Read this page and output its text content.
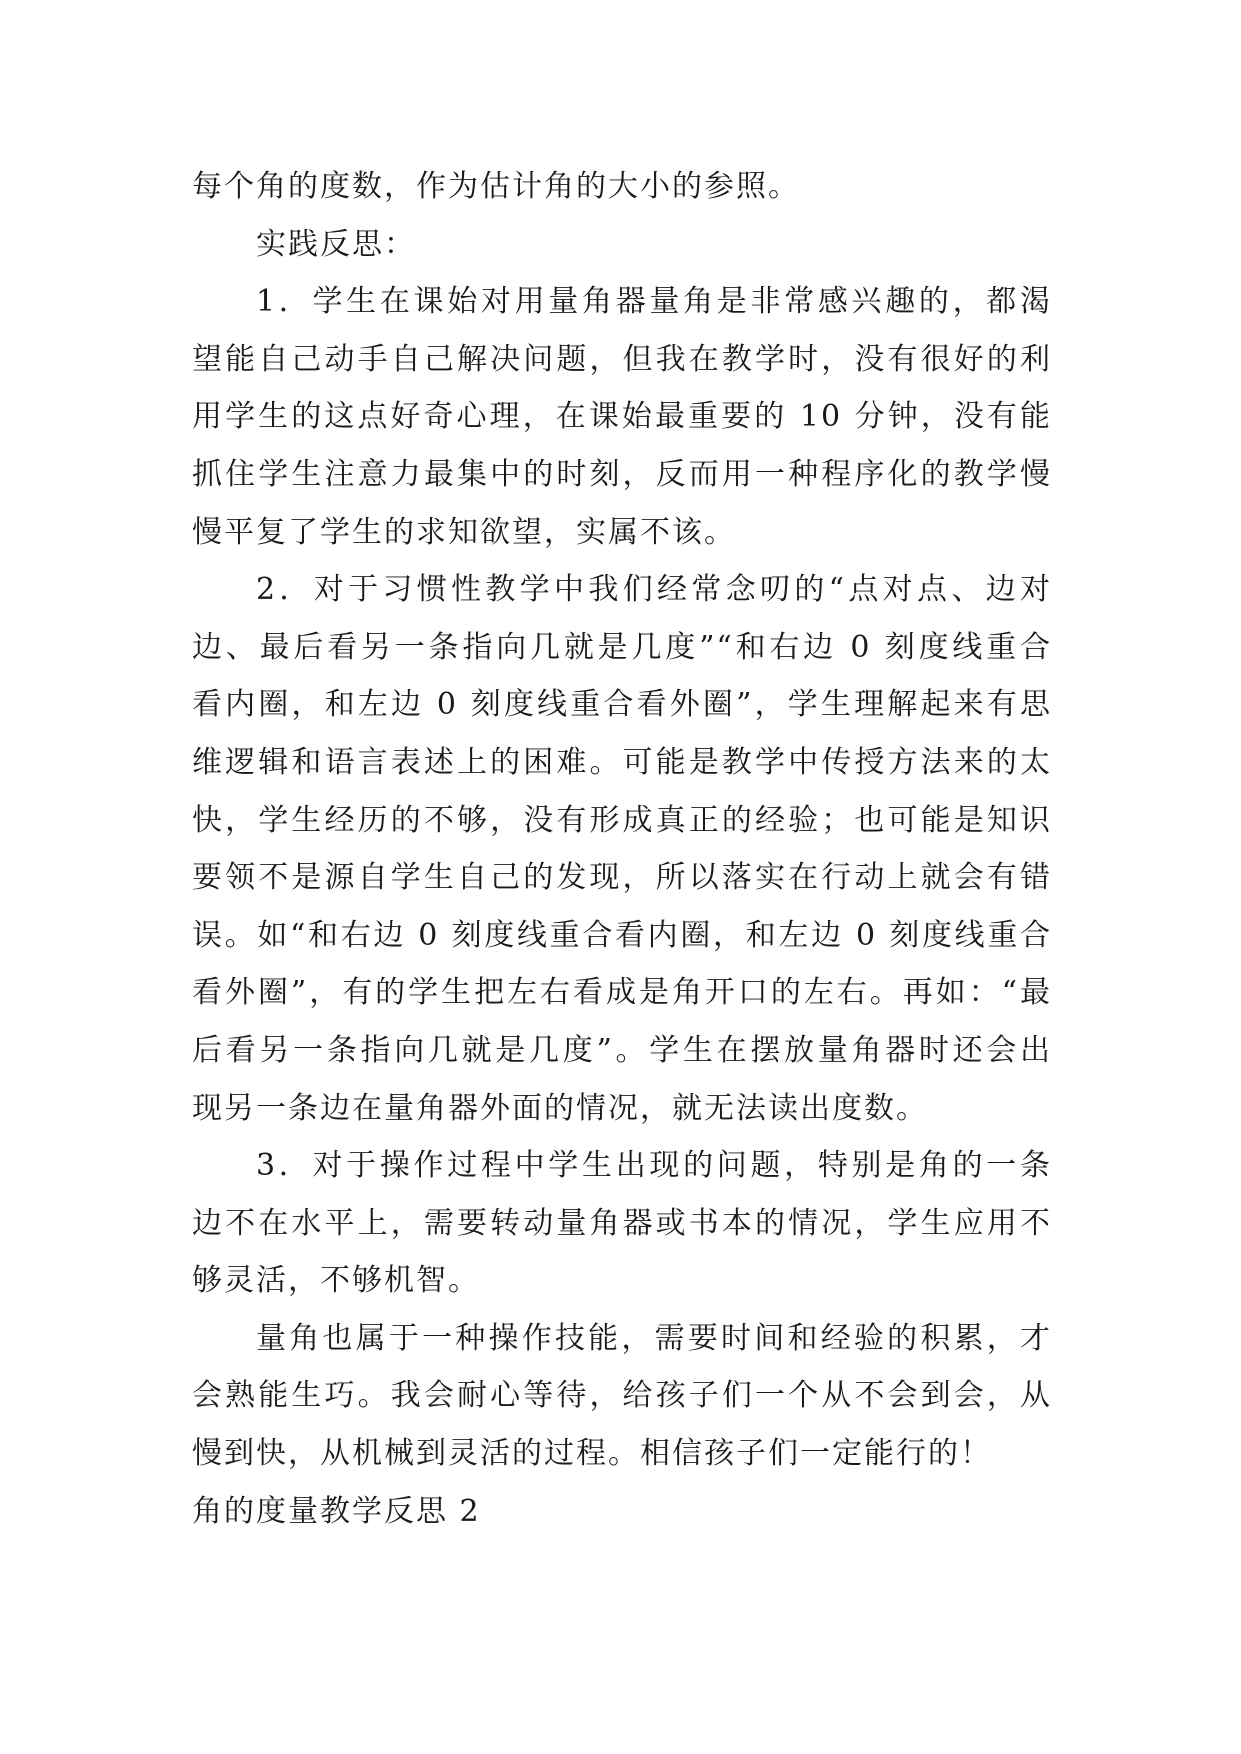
每个角的度数，作为估计角的大小的参照。
实践反思：
1．学生在课始对用量角器量角是非常感兴趣的，都渴
望能自己动手自己解决问题，但我在教学时，没有很好的利
用学生的这点好奇心理，在课始最重要的 10 分钟，没有能
抓住学生注意力最集中的时刻，反而用一种程序化的教学慢
慢平复了学生的求知欲望，实属不该。
2．对于习惯性教学中我们经常念叨的“点对点、边对
边、最后看另一条指向几就是几度”“和右边 0 刻度线重合
看内圈，和左边 0 刻度线重合看外圈”，学生理解起来有思
维逻辑和语言表述上的困难。可能是教学中传授方法来的太
快，学生经历的不够，没有形成真正的经验；也可能是知识
要领不是源自学生自己的发现，所以落实在行动上就会有错
误。如“和右边 0 刻度线重合看内圈，和左边 0 刻度线重合
看外圈”，有的学生把左右看成是角开口的左右。再如：“最
后看另一条指向几就是几度”。学生在摆放量角器时还会出
现另一条边在量角器外面的情况，就无法读出度数。
3．对于操作过程中学生出现的问题，特别是角的一条
边不在水平上，需要转动量角器或书本的情况，学生应用不
够灵活，不够机智。
量角也属于一种操作技能，需要时间和经验的积累，才
会熟能生巧。我会耐心等待，给孩子们一个从不会到会，从
慢到快，从机械到灵活的过程。相信孩子们一定能行的！
角的度量教学反思 2
